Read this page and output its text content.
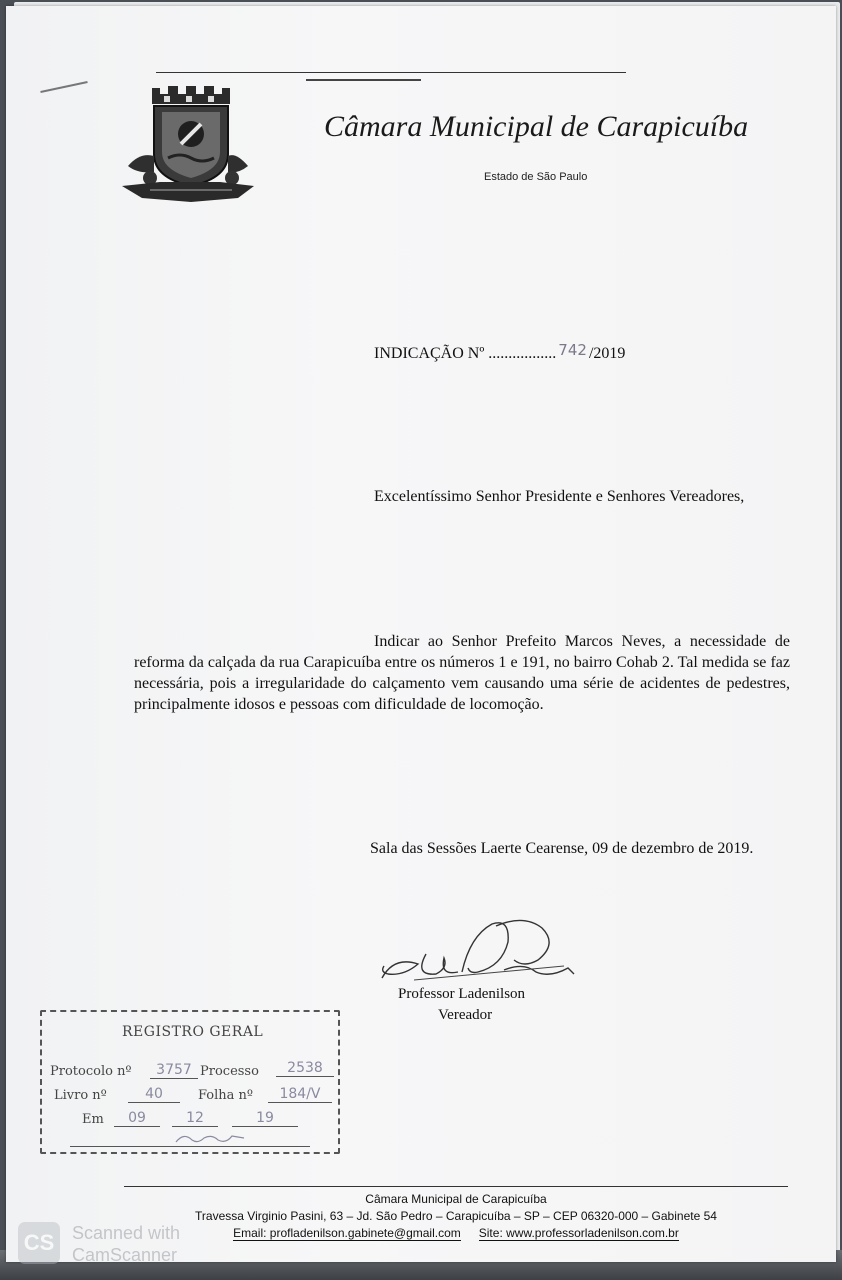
Câmara Municipal de Carapicuíba
Estado de São Paulo
INDICAÇÃO Nº ................. 742 /2019
Excelentíssimo Senhor Presidente e Senhores Vereadores,
Indicar ao Senhor Prefeito Marcos Neves, a necessidade de reforma da calçada da rua Carapicuíba entre os números 1 e 191, no bairro Cohab 2. Tal medida se faz necessária, pois a irregularidade do calçamento vem causando uma série de acidentes de pedestres, principalmente idosos e pessoas com dificuldade de locomoção.
Sala das Sessões Laerte Cearense, 09 de dezembro de 2019.
Professor Ladenilson
Vereador
REGISTRO GERAL
Protocolo nº	3757 Processo	2538
Livro nº	40	Folha nº	184/V
Em	09	12	19
Câmara Municipal de Carapicuíba
Travessa Virginio Pasini, 63 – Jd. São Pedro – Carapicuíba – SP – CEP 06320-000 – Gabinete 54
Email: profladenilson.gabinete@gmail.com Site: www.professorladenilson.com.br
CS Scanned with
CamScanner
